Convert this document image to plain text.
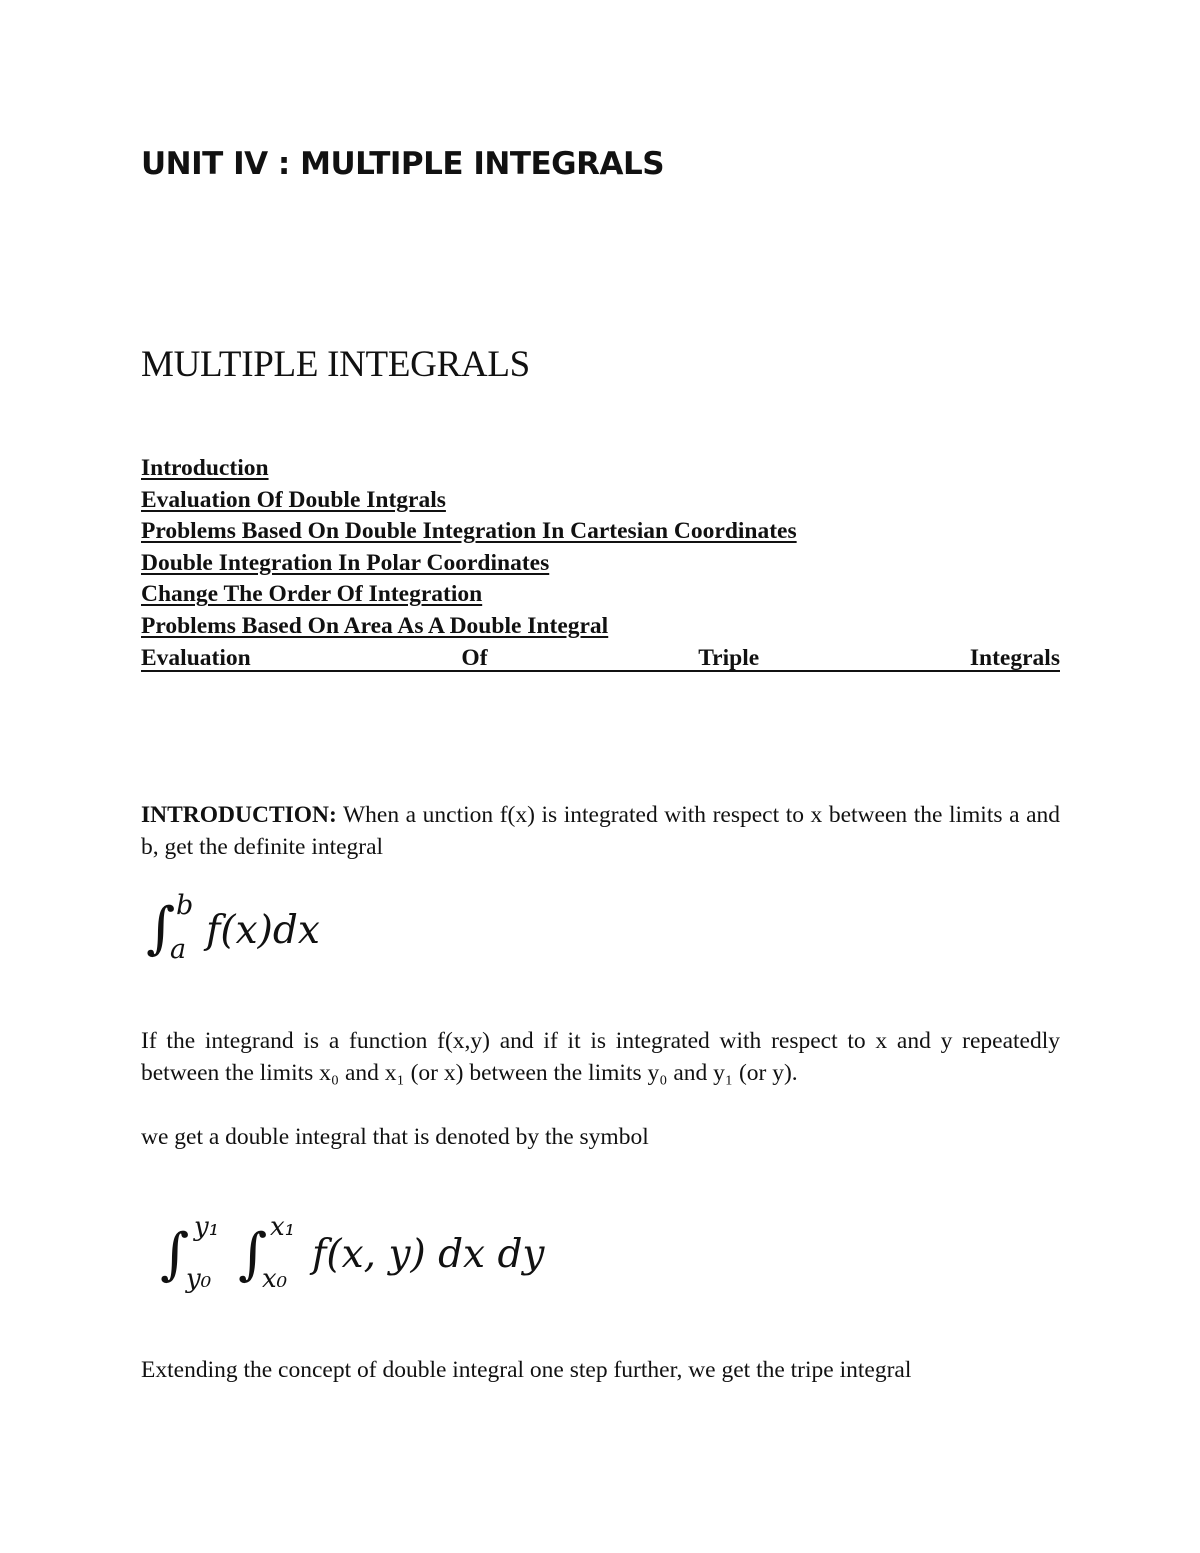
UNIT IV : MULTIPLE INTEGRALS
MULTIPLE INTEGRALS
Introduction
Evaluation Of Double Intgrals
Problems Based On Double Integration In Cartesian Coordinates
Double Integration In Polar Coordinates
Change The Order Of Integration
Problems Based On Area As A Double Integral
Evaluation	Of	Triple	Integrals

INTRODUCTION: When a unction f(x) is integrated with respect to x between the limits a and b, get the definite integral

∫ b
a f(x)dx

If the integrand is a function f(x,y) and if it is integrated with respect to x and y repeatedly between the limits x₀ and x₁ (or x) between the limits y₀ and y₁ (or y).

we get a double integral that is denoted by the symbol

∫ y₁
y₀ ∫ x₁
x₀
f(x, y) dx dy

Extending the concept of double integral one step further, we get the tripe integral
